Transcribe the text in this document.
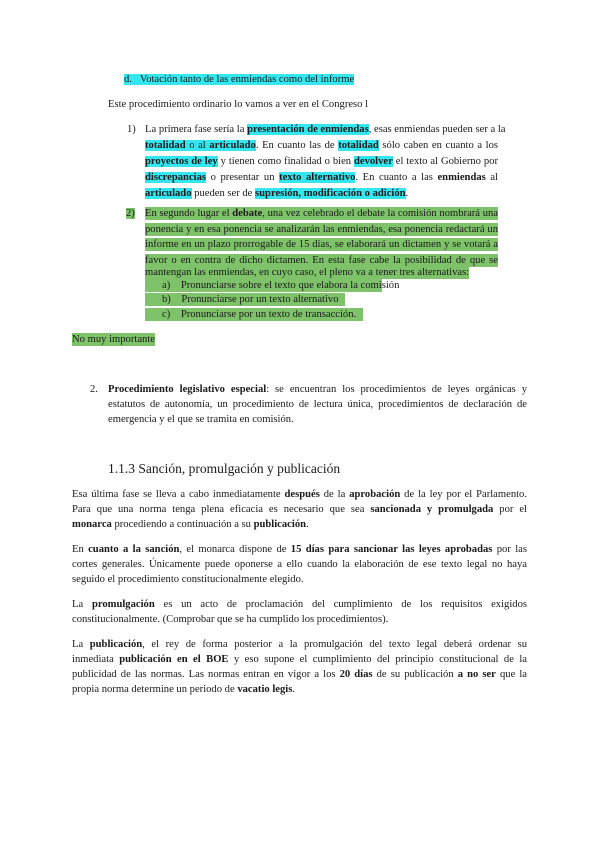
d. Votación tanto de las enmiendas como del informe
Este procedimiento ordinario lo vamos a ver en el Congreso l
1) La primera fase sería la presentación de enmiendas, esas enmiendas pueden ser a la
totalidad o al articulado. En cuanto las de totalidad sólo caben en cuanto a los
proyectos de ley y tienen como finalidad o bien devolver el texto al Gobierno por
discrepancias o presentar un texto alternativo. En cuanto a las enmiendas al
articulado pueden ser de supresión, modificación o adición.
2) En segundo lugar el debate, una vez celebrado el debate la comisión nombrará una
ponencia y en esa ponencia se analizarán las enmiendas, esa ponencia redactará un
informe en un plazo prorrogable de 15 días, se elaborará un dictamen y se votará a
favor o en contra de dicho dictamen. En esta fase cabe la posibilidad de que se
mantengan las enmiendas, en cuyo caso, el pleno va a tener tres alternativas:
a) Pronunciarse sobre el texto que elabora la comisión
b) Pronunciarse por un texto alternativo
c) Pronunciarse por un texto de transacción.
No muy importante
2. Procedimiento legislativo especial: se encuentran los procedimientos de leyes orgánicas y
estatutos de autonomía, un procedimiento de lectura única, procedimientos de declaración de
emergencia y el que se tramita en comisión.
1.1.3 Sanción, promulgación y publicación
Esa última fase se lleva a cabo inmediatamente después de la aprobación de la ley por el Parlamento.
Para que una norma tenga plena eficacia es necesario que sea sancionada y promulgada por el
monarca procediendo a continuación a su publicación.
En cuanto a la sanción, el monarca dispone de 15 días para sancionar las leyes aprobadas por las
cortes generales. Únicamente puede oponerse a ello cuando la elaboración de ese texto legal no haya
seguido el procedimiento constitucionalmente elegido.
La promulgación es un acto de proclamación del cumplimiento de los requisitos exigidos
constitucionalmente. (Comprobar que se ha cumplido los procedimientos).
La publicación, el rey de forma posterior a la promulgación del texto legal deberá ordenar su
inmediata publicación en el BOE y eso supone el cumplimiento del principio constitucional de la
publicidad de las normas. Las normas entran en vigor a los 20 días de su publicación a no ser que la
propia norma determine un periodo de vacatio legis.
